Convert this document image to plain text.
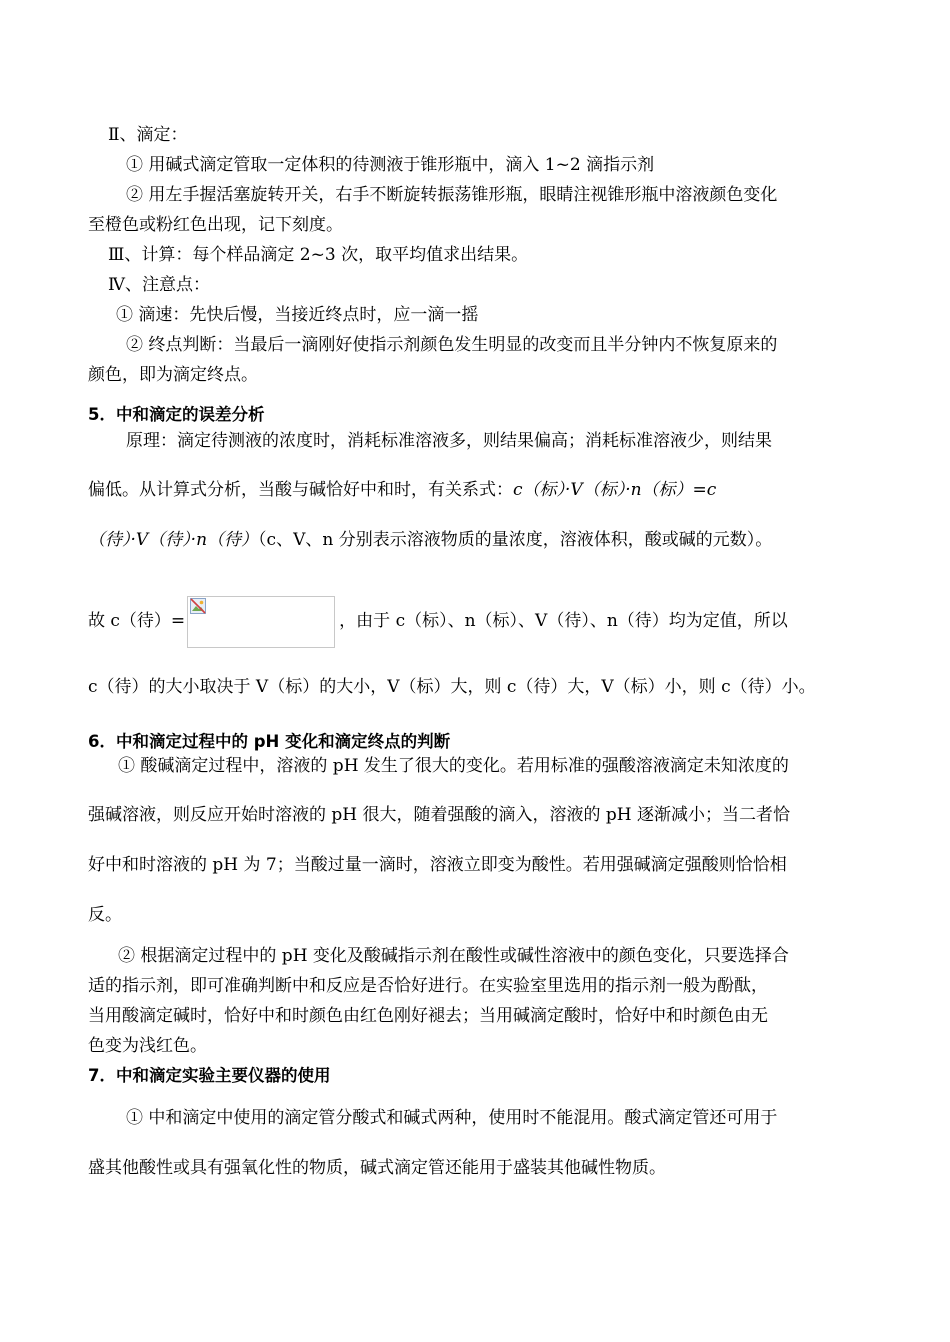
Ⅱ、滴定：
① 用碱式滴定管取一定体积的待测液于锥形瓶中，滴入 1~2 滴指示剂
② 用左手握活塞旋转开关，右手不断旋转振荡锥形瓶，眼睛注视锥形瓶中溶液颜色变化
至橙色或粉红色出现，记下刻度。
Ⅲ、计算：每个样品滴定 2~3 次，取平均值求出结果。
Ⅳ、注意点：
① 滴速：先快后慢，当接近终点时，应一滴一摇
② 终点判断：当最后一滴刚好使指示剂颜色发生明显的改变而且半分钟内不恢复原来的
颜色，即为滴定终点。
5．中和滴定的误差分析
原理：滴定待测液的浓度时，消耗标准溶液多，则结果偏高；消耗标准溶液少，则结果
偏低。从计算式分析，当酸与碱恰好中和时，有关系式：c（标）·V（标）·n（标）=c
（待）·V（待）·n（待）（c、V、n 分别表示溶液物质的量浓度，溶液体积，酸或碱的元数）。
故 c（待）=	，由于 c（标）、n（标）、V（待）、n（待）均为定值，所以
c（待）的大小取决于 V（标）的大小，V（标）大，则 c（待）大，V（标）小，则 c（待）小。
6．中和滴定过程中的 pH 变化和滴定终点的判断
① 酸碱滴定过程中，溶液的 pH 发生了很大的变化。若用标准的强酸溶液滴定未知浓度的
强碱溶液，则反应开始时溶液的 pH 很大，随着强酸的滴入，溶液的 pH 逐渐减小；当二者恰
好中和时溶液的 pH 为 7；当酸过量一滴时，溶液立即变为酸性。若用强碱滴定强酸则恰恰相
反。
② 根据滴定过程中的 pH 变化及酸碱指示剂在酸性或碱性溶液中的颜色变化，只要选择合
适的指示剂，即可准确判断中和反应是否恰好进行。在实验室里选用的指示剂一般为酚酞，
当用酸滴定碱时，恰好中和时颜色由红色刚好褪去；当用碱滴定酸时，恰好中和时颜色由无
色变为浅红色。
7．中和滴定实验主要仪器的使用
① 中和滴定中使用的滴定管分酸式和碱式两种，使用时不能混用。酸式滴定管还可用于
盛其他酸性或具有强氧化性的物质，碱式滴定管还能用于盛装其他碱性物质。
